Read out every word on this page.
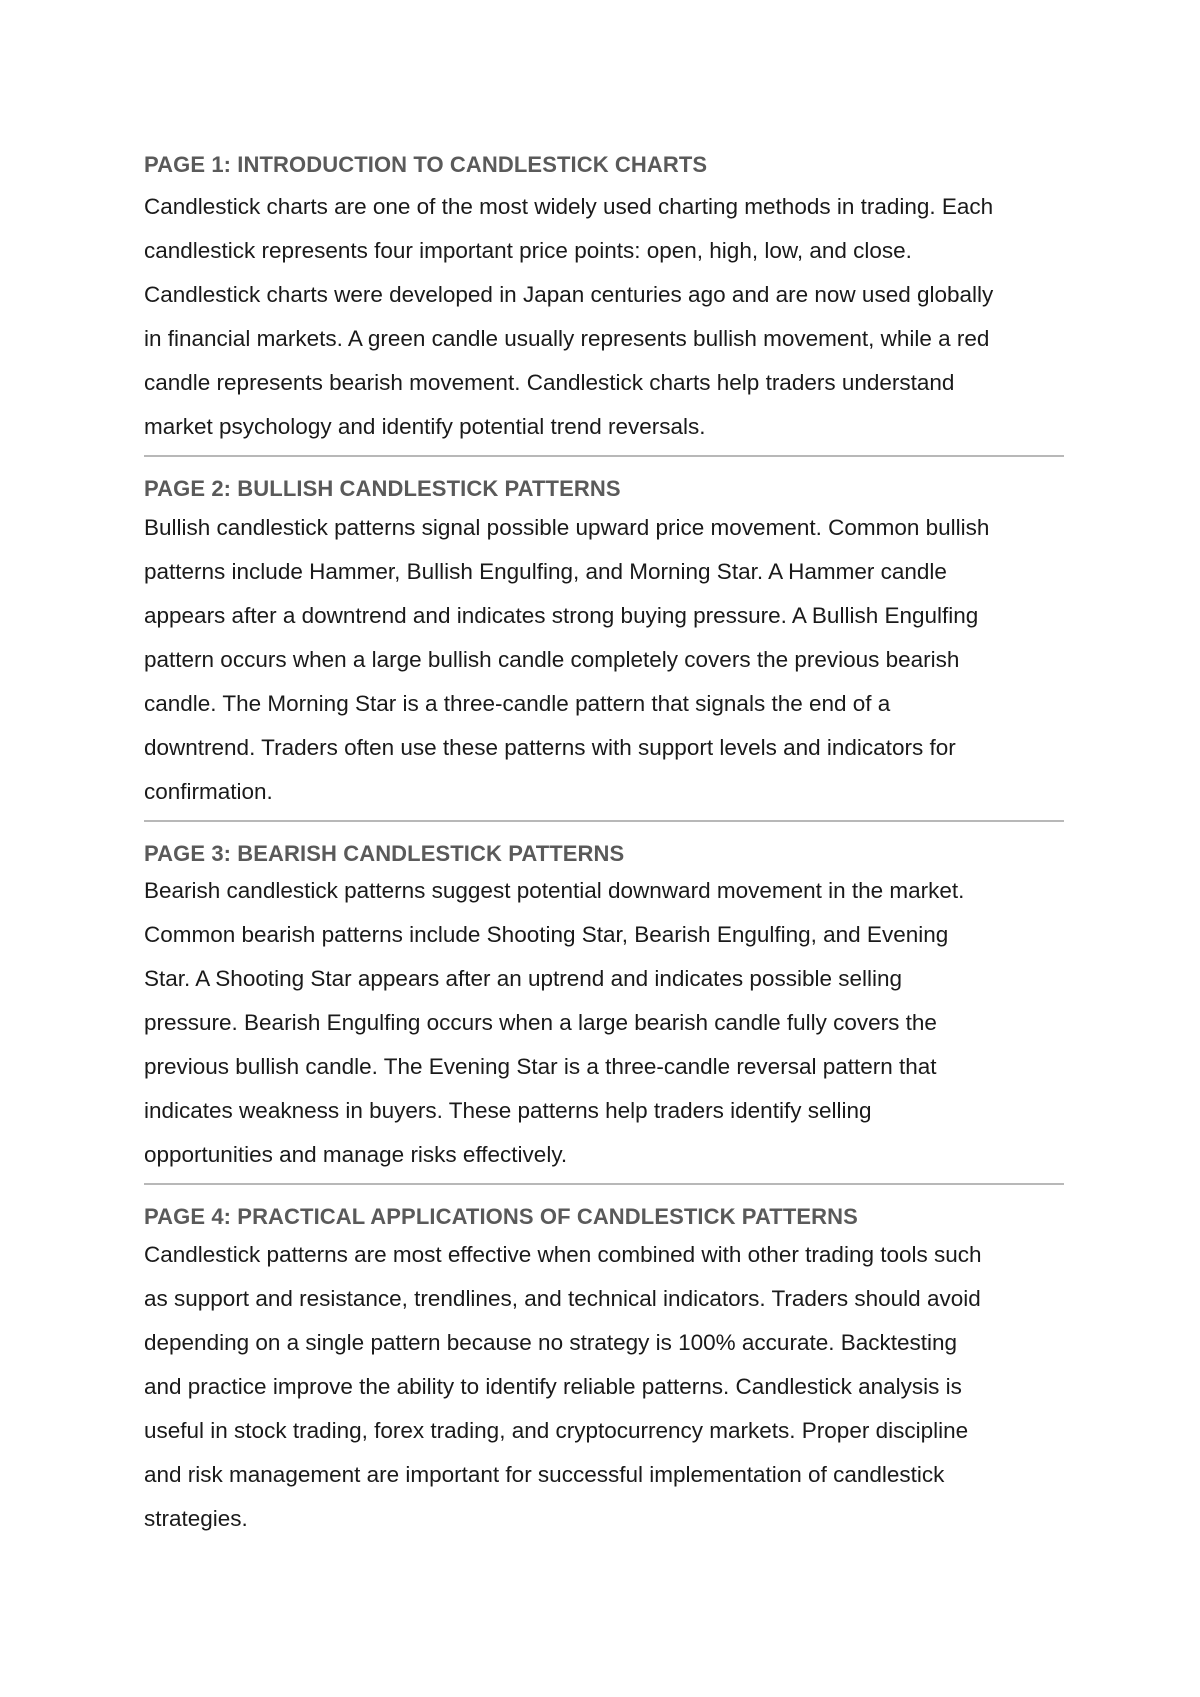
PAGE 1: INTRODUCTION TO CANDLESTICK CHARTS

Candlestick charts are one of the most widely used charting methods in trading. Each
candlestick represents four important price points: open, high, low, and close.
Candlestick charts were developed in Japan centuries ago and are now used globally
in financial markets. A green candle usually represents bullish movement, while a red
candle represents bearish movement. Candlestick charts help traders understand
market psychology and identify potential trend reversals.

PAGE 2: BULLISH CANDLESTICK PATTERNS

Bullish candlestick patterns signal possible upward price movement. Common bullish
patterns include Hammer, Bullish Engulfing, and Morning Star. A Hammer candle
appears after a downtrend and indicates strong buying pressure. A Bullish Engulfing
pattern occurs when a large bullish candle completely covers the previous bearish
candle. The Morning Star is a three-candle pattern that signals the end of a
downtrend. Traders often use these patterns with support levels and indicators for
confirmation.

PAGE 3: BEARISH CANDLESTICK PATTERNS

Bearish candlestick patterns suggest potential downward movement in the market.
Common bearish patterns include Shooting Star, Bearish Engulfing, and Evening
Star. A Shooting Star appears after an uptrend and indicates possible selling
pressure. Bearish Engulfing occurs when a large bearish candle fully covers the
previous bullish candle. The Evening Star is a three-candle reversal pattern that
indicates weakness in buyers. These patterns help traders identify selling
opportunities and manage risks effectively.

PAGE 4: PRACTICAL APPLICATIONS OF CANDLESTICK PATTERNS

Candlestick patterns are most effective when combined with other trading tools such
as support and resistance, trendlines, and technical indicators. Traders should avoid
depending on a single pattern because no strategy is 100% accurate. Backtesting
and practice improve the ability to identify reliable patterns. Candlestick analysis is
useful in stock trading, forex trading, and cryptocurrency markets. Proper discipline
and risk management are important for successful implementation of candlestick
strategies.
